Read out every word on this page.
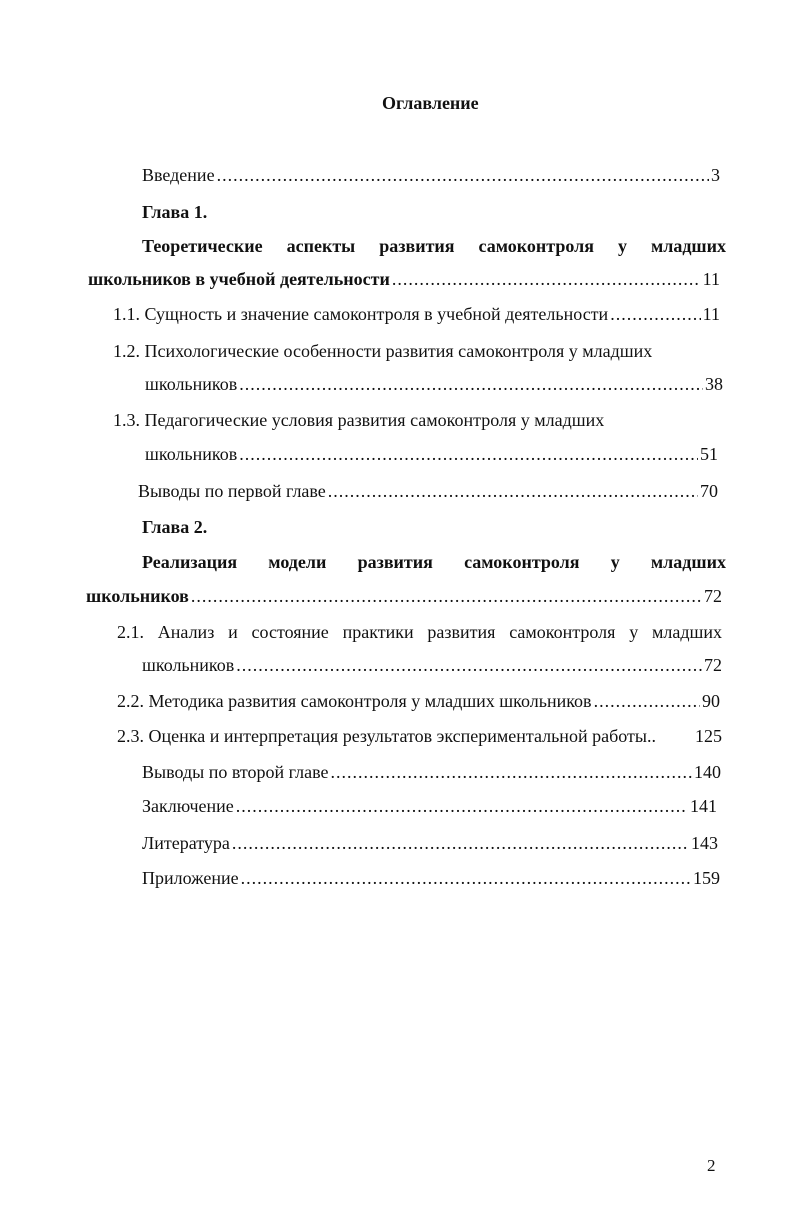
Оглавление
Введение .....	3
Глава 1.
Теоретические аспекты развития самоконтроля у младших
школьников в учебной деятельности .....	11
1.1. Сущность и значение самоконтроля в учебной деятельности .....	11
1.2. Психологические особенности развития самоконтроля у младших
школьников .....	38
1.3. Педагогические условия развития самоконтроля у младших
школьников .....	51
Выводы по первой главе .....	70
Глава 2.
Реализация модели развития самоконтроля у младших
школьников .....	72
2.1. Анализ и состояние практики развития самоконтроля у младших
школьников .....	72
2.2. Методика развития самоконтроля у младших школьников .....	90
2.3. Оценка и интерпретация результатов экспериментальной работы.. 125
Выводы по второй главе .....	140
Заключение .....	141
Литература .....	143
Приложение .....	159
2
